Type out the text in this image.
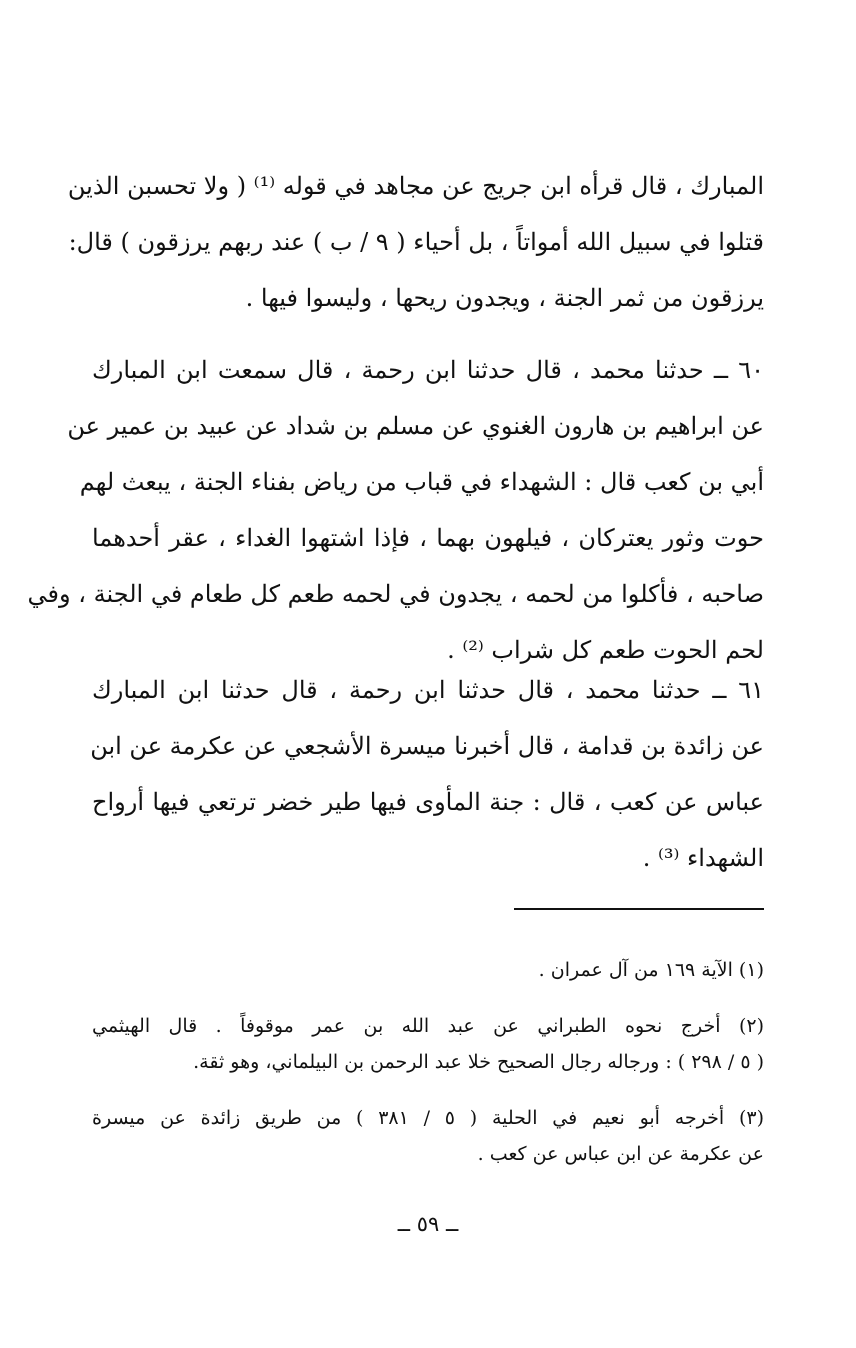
المبارك ، قال قرأه ابن جريج عن مجاهد في قوله ⁽¹⁾ ( ولا تحسبن الذين
قتلوا في سبيل الله أمواتاً ، بل أحياء ( ٩ / ب ) عند ربهم يرزقون ) قال:
يرزقون من ثمر الجنة ، ويجدون ريحها ، وليسوا فيها .
٦٠ ــ حدثنا محمد ، قال حدثنا ابن رحمة ، قال سمعت ابن المبارك
عن ابراهيم بن هارون الغنوي عن مسلم بن شداد عن عبيد بن عمير عن
أبي بن كعب قال : الشهداء في قباب من رياض بفناء الجنة ، يبعث لهم
حوت وثور يعتركان ، فيلهون بهما ، فإذا اشتهوا الغداء ، عقر أحدهما
صاحبه ، فأكلوا من لحمه ، يجدون في لحمه طعم كل طعام في الجنة ، وفي
لحم الحوت طعم كل شراب ⁽²⁾ .
٦١ ــ حدثنا محمد ، قال حدثنا ابن رحمة ، قال حدثنا ابن المبارك
عن زائدة بن قدامة ، قال أخبرنا ميسرة الأشجعي عن عكرمة عن ابن
عباس عن كعب ، قال : جنة المأوى فيها طير خضر ترتعي فيها أرواح
الشهداء ⁽³⁾ .
(١) الآية ١٦٩ من آل عمران .
(٢) أخرج نحوه الطبراني عن عبد الله بن عمر موقوفاً . قال الهيثمي
( ٥ / ٢٩٨ ) : ورجاله رجال الصحيح خلا عبد الرحمن بن البيلماني، وهو ثقة.
(٣) أخرجه أبو نعيم في الحلية ( ٥ / ٣٨١ ) من طريق زائدة عن ميسرة
عن عكرمة عن ابن عباس عن كعب .
ــ ٥٩ ــ
